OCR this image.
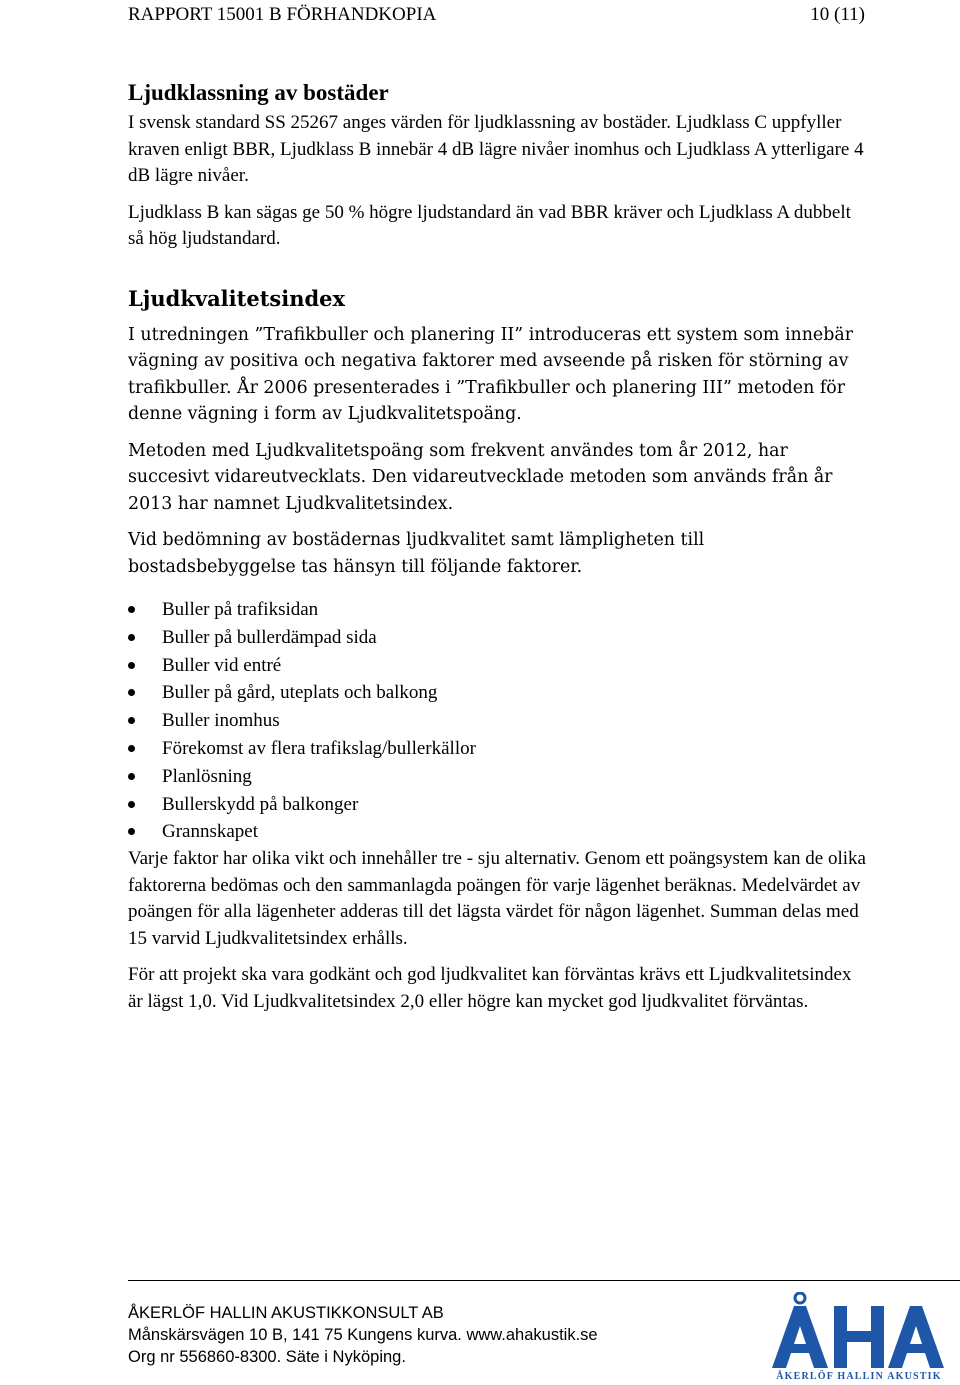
RAPPORT 15001 B FÖRHANDKOPIA	10 (11)
Ljudklassning av bostäder

I svensk standard SS 25267 anges värden för ljudklassning av bostäder. Ljudklass C uppfyller kraven enligt BBR, Ljudklass B innebär 4 dB lägre nivåer inomhus och Ljudklass A ytterligare 4 dB lägre nivåer.

Ljudklass B kan sägas ge 50 % högre ljudstandard än vad BBR kräver och Ljudklass A dubbelt så hög ljudstandard.

Ljudkvalitetsindex

I utredningen ”Trafikbuller och planering II” introduceras ett system som innebär vägning av positiva och negativa faktorer med avseende på risken för störning av trafikbuller. År 2006 presenterades i ”Trafikbuller och planering III” metoden för denne vägning i form av Ljudkvalitetspoäng.

Metoden med Ljudkvalitetspoäng som frekvent användes tom år 2012, har succesivt vidareutvecklats. Den vidareutvecklade metoden som används från år 2013 har namnet Ljudkvalitetsindex.

Vid bedömning av bostädernas ljudkvalitet samt lämpligheten till bostadsbebyggelse tas hänsyn till följande faktorer.

Buller på trafiksidan
Buller på bullerdämpad sida
Buller vid entré
Buller på gård, uteplats och balkong
Buller inomhus
Förekomst av flera trafikslag/bullerkällor
Planlösning
Bullerskydd på balkonger
Grannskapet

Varje faktor har olika vikt och innehåller tre - sju alternativ. Genom ett poängsystem kan de olika faktorerna bedömas och den sammanlagda poängen för varje lägenhet beräknas. Medelvärdet av poängen för alla lägenheter adderas till det lägsta värdet för någon lägenhet. Summan delas med 15 varvid Ljudkvalitetsindex erhålls.

För att projekt ska vara godkänt och god ljudkvalitet kan förväntas krävs ett Ljudkvalitetsindex är lägst 1,0. Vid Ljudkvalitetsindex 2,0 eller högre kan mycket god ljudkvalitet förväntas.

ÅKERLÖF HALLIN AKUSTIKKONSULT AB
Månskärsvägen 10 B, 141 75 Kungens kurva. www.ahakustik.se
Org nr 556860-8300. Säte i Nyköping.
ÅKERLÖF HALLIN AKUSTIK
